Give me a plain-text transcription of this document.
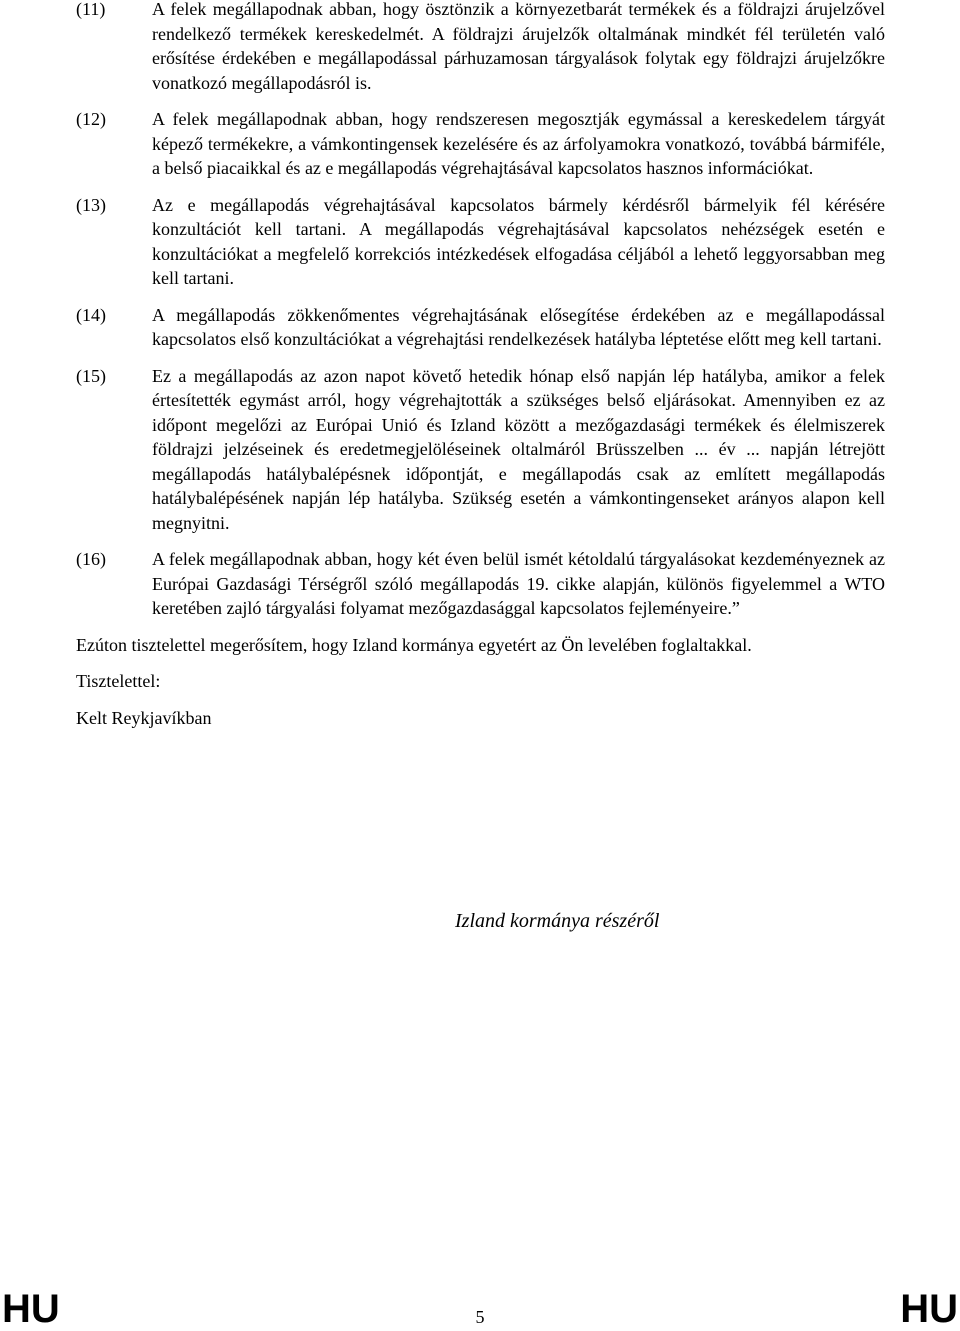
(11)	A felek megállapodnak abban, hogy ösztönzik a környezetbarát termékek és a földrajzi árujelzővel rendelkező termékek kereskedelmét. A földrajzi árujelzők oltalmának mindkét fél területén való erősítése érdekében e megállapodással párhuzamosan tárgyalások folytak egy földrajzi árujelzőkre vonatkozó megállapodásról is.
(12)	A felek megállapodnak abban, hogy rendszeresen megosztják egymással a kereskedelem tárgyát képező termékekre, a vámkontingensek kezelésére és az árfolyamokra vonatkozó, továbbá bármiféle, a belső piacaikkal és az e megállapodás végrehajtásával kapcsolatos hasznos információkat.
(13)	Az e megállapodás végrehajtásával kapcsolatos bármely kérdésről bármelyik fél kérésére konzultációt kell tartani. A megállapodás végrehajtásával kapcsolatos nehézségek esetén e konzultációkat a megfelelő korrekciós intézkedések elfogadása céljából a lehető leggyorsabban meg kell tartani.
(14)	A megállapodás zökkenőmentes végrehajtásának elősegítése érdekében az e megállapodással kapcsolatos első konzultációkat a végrehajtási rendelkezések hatályba léptetése előtt meg kell tartani.
(15)	Ez a megállapodás az azon napot követő hetedik hónap első napján lép hatályba, amikor a felek értesítették egymást arról, hogy végrehajtották a szükséges belső eljárásokat. Amennyiben ez az időpont megelőzi az Európai Unió és Izland között a mezőgazdasági termékek és élelmiszerek földrajzi jelzéseinek és eredetmegjelöléseinek oltalmáról Brüsszelben ... év ... napján létrejött megállapodás hatálybalépésnek időpontját, e megállapodás csak az említett megállapodás hatálybalépésének napján lép hatályba. Szükség esetén a vámkontingenseket arányos alapon kell megnyitni.
(16)	A felek megállapodnak abban, hogy két éven belül ismét kétoldalú tárgyalásokat kezdeményeznek az Európai Gazdasági Térségről szóló megállapodás 19. cikke alapján, különös figyelemmel a WTO keretében zajló tárgyalási folyamat mezőgazdasággal kapcsolatos fejleményeire.”
Ezúton tisztelettel megerősítem, hogy Izland kormánya egyetért az Ön levelében foglaltakkal.
Tisztelettel:
Kelt Reykjavíkban
Izland kormánya részéről
HU	5	HU
